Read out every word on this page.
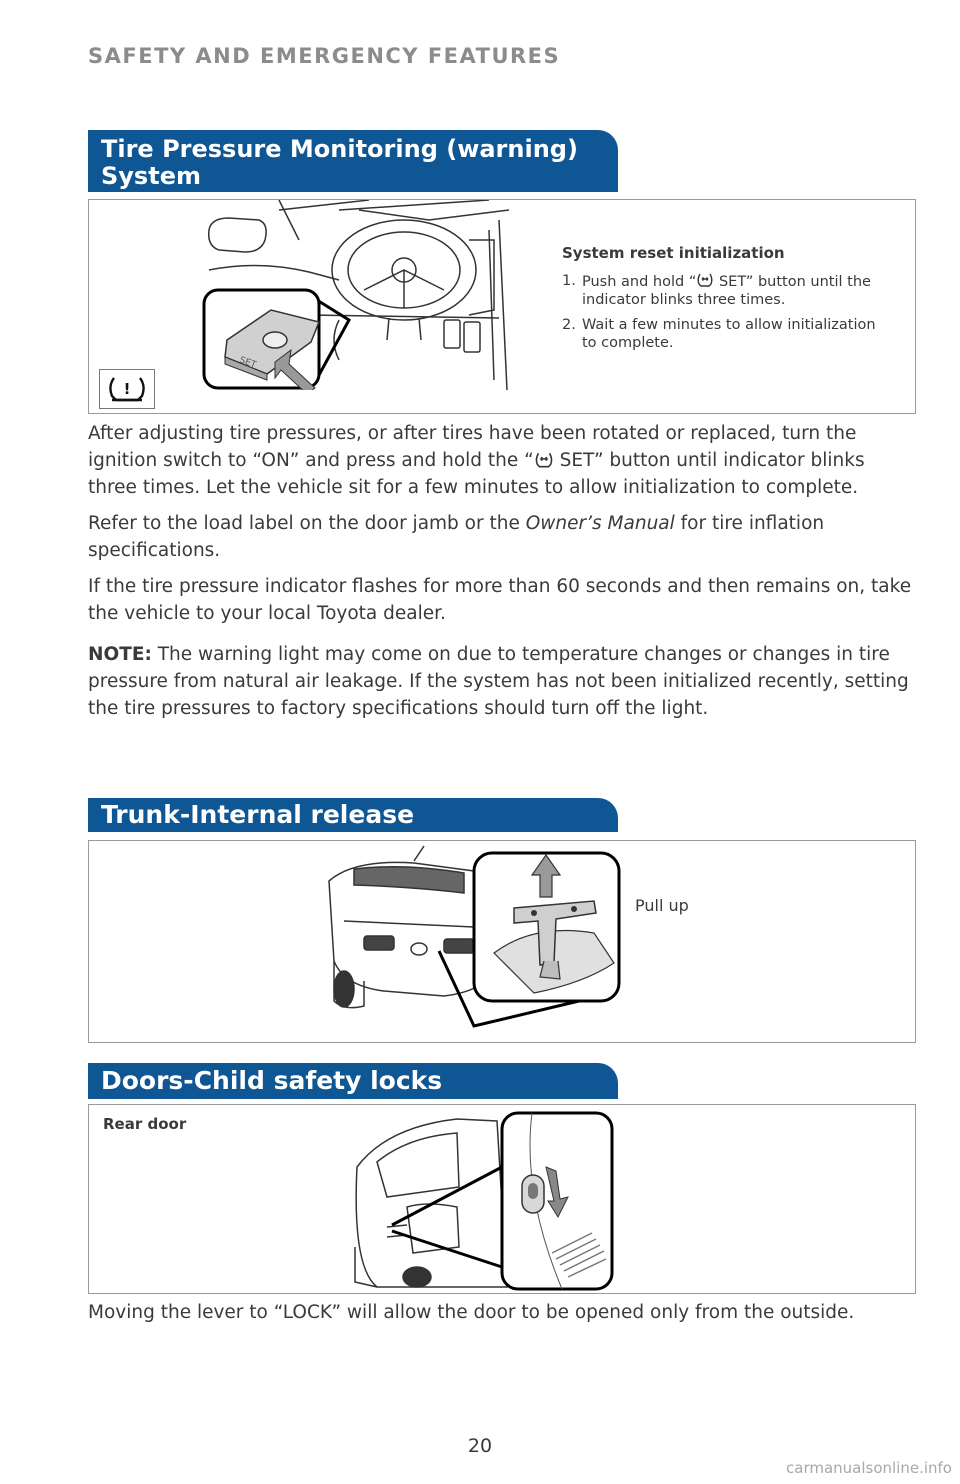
SAFETY AND EMERGENCY FEATURES
Tire Pressure Monitoring (warning)
System
SET
!
System reset initialization
1. Push and hold “ SET” button until the indicator blinks three times.
2. Wait a few minutes to allow initialization to complete.

After adjusting tire pressures, or after tires have been rotated or replaced, turn the ignition switch to “ON” and press and hold the “ SET” button until indicator blinks three times. Let the vehicle sit for a few minutes to allow initialization to complete.

Refer to the load label on the door jamb or the Owner’s Manual for tire inflation specifications.

If the tire pressure indicator flashes for more than 60 seconds and then remains on, take the vehicle to your local Toyota dealer.

NOTE: The warning light may come on due to temperature changes or changes in tire pressure from natural air leakage. If the system has not been initialized recently, setting the tire pressures to factory specifications should turn off the light.

Trunk-Internal release
Pull up
Doors-Child safety locks
Rear door
Moving the lever to “LOCK” will allow the door to be opened only from the outside.
20
carmanualsonline.info
